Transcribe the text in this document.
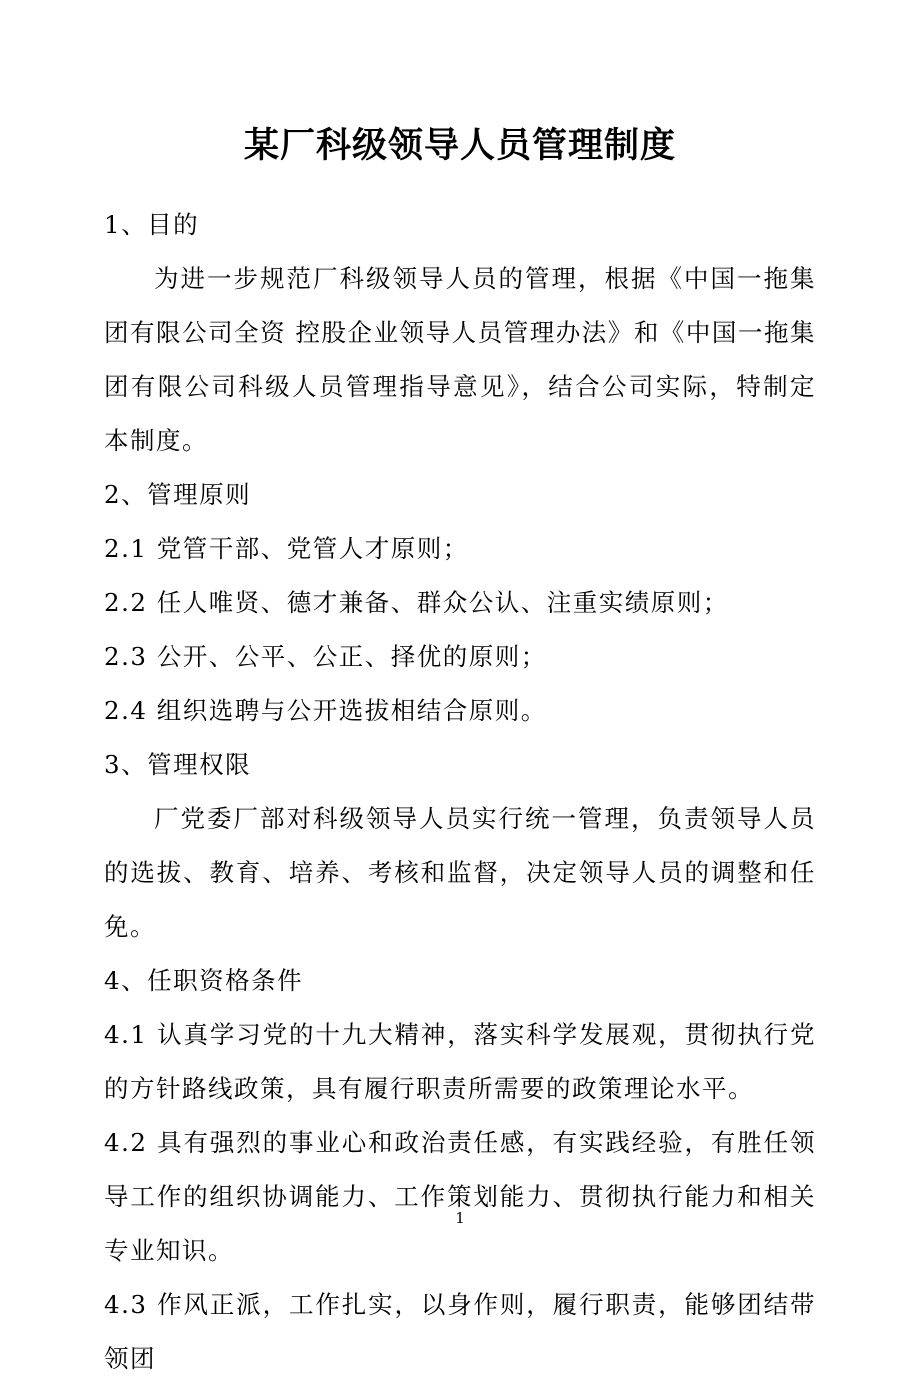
某厂科级领导人员管理制度

1、目的

为进一步规范厂科级领导人员的管理，根据《中国一拖集团有限公司全资 控股企业领导人员管理办法》和《中国一拖集团有限公司科级人员管理指导意见》，结合公司实际，特制定本制度。

2、管理原则

2.1 党管干部、党管人才原则；

2.2 任人唯贤、德才兼备、群众公认、注重实绩原则；

2.3 公开、公平、公正、择优的原则；

2.4 组织选聘与公开选拔相结合原则。

3、管理权限

厂党委厂部对科级领导人员实行统一管理，负责领导人员的选拔、教育、培养、考核和监督，决定领导人员的调整和任免。

4、任职资格条件

4.1 认真学习党的十九大精神，落实科学发展观，贯彻执行党的方针路线政策，具有履行职责所需要的政策理论水平。

4.2 具有强烈的事业心和政治责任感，有实践经验，有胜任领导工作的组织协调能力、工作策划能力、贯彻执行能力和相关专业知识。

4.3 作风正派，工作扎实，以身作则，履行职责，能够团结带领团

1
